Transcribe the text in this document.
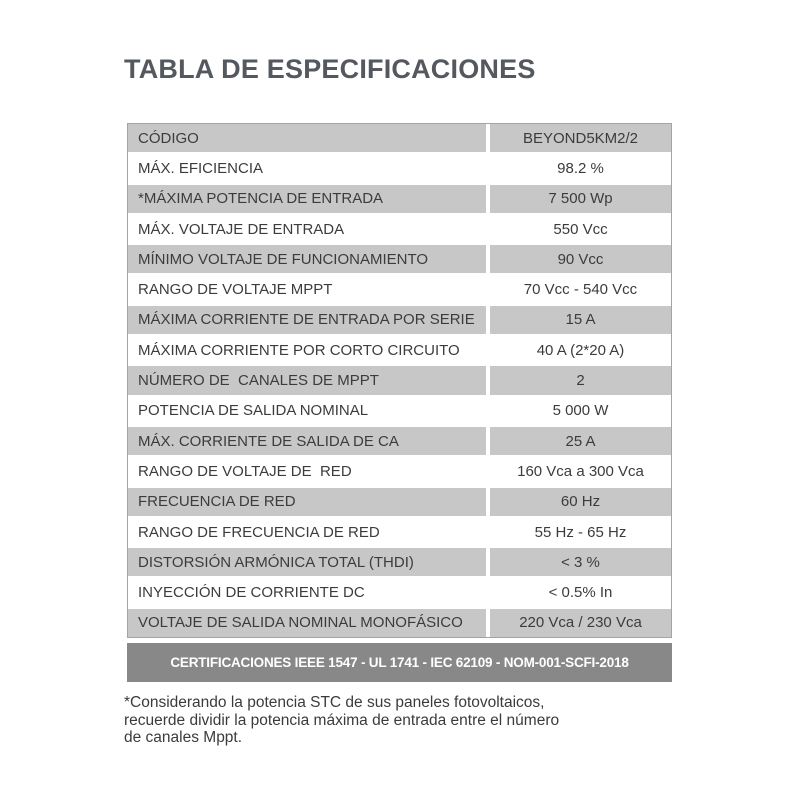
TABLA DE ESPECIFICACIONES
CÓDIGO	BEYOND5KM2/2
MÁX. EFICIENCIA	98.2 %
*MÁXIMA POTENCIA DE ENTRADA	7 500 Wp
MÁX. VOLTAJE DE ENTRADA	550 Vcc
MÍNIMO VOLTAJE DE FUNCIONAMIENTO	90 Vcc
RANGO DE VOLTAJE MPPT	70 Vcc - 540 Vcc
MÁXIMA CORRIENTE DE ENTRADA POR SERIE	15 A
MÁXIMA CORRIENTE POR CORTO CIRCUITO	40 A (2*20 A)
NÚMERO DE  CANALES DE MPPT	2
POTENCIA DE SALIDA NOMINAL	5 000 W
MÁX. CORRIENTE DE SALIDA DE CA	25 A
RANGO DE VOLTAJE DE  RED	160 Vca a 300 Vca
FRECUENCIA DE RED	60 Hz
RANGO DE FRECUENCIA DE RED	55 Hz - 65 Hz
DISTORSIÓN ARMÓNICA TOTAL (THDI)	< 3 %
INYECCIÓN DE CORRIENTE DC	< 0.5% In
VOLTAJE DE SALIDA NOMINAL MONOFÁSICO	220 Vca / 230 Vca
CERTIFICACIONES IEEE 1547 - UL 1741 - IEC 62109 - NOM-001-SCFI-2018
*Considerando la potencia STC de sus paneles fotovoltaicos,
recuerde dividir la potencia máxima de entrada entre el número
de canales Mppt.
